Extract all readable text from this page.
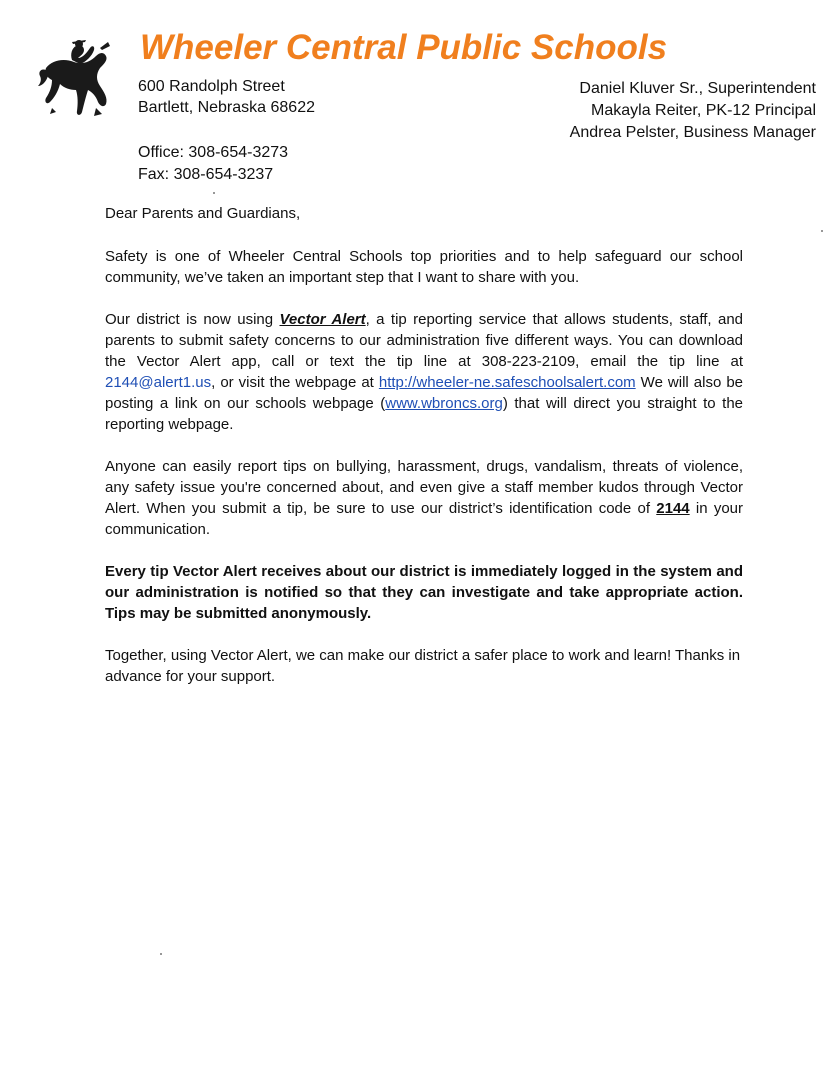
Wheeler Central Public Schools
600 Randolph Street
Bartlett, Nebraska 68622
Office: 308-654-3273
Fax: 308-654-3237
Daniel Kluver Sr., Superintendent
Makayla Reiter, PK-12 Principal
Andrea Pelster, Business Manager

Dear Parents and Guardians,

Safety is one of Wheeler Central Schools top priorities and to help safeguard our school community, we’ve taken an important step that I want to share with you.

Our district is now using Vector Alert, a tip reporting service that allows students, staff, and parents to submit safety concerns to our administration five different ways. You can download the Vector Alert app, call or text the tip line at 308-223-2109, email the tip line at 2144@alert1.us, or visit the webpage at http://wheeler-ne.safeschoolsalert.com We will also be posting a link on our schools webpage (www.wbroncs.org) that will direct you straight to the reporting webpage.

Anyone can easily report tips on bullying, harassment, drugs, vandalism, threats of violence, any safety issue you're concerned about, and even give a staff member kudos through Vector Alert. When you submit a tip, be sure to use our district’s identification code of 2144 in your communication.

Every tip Vector Alert receives about our district is immediately logged in the system and our administration is notified so that they can investigate and take appropriate action. Tips may be submitted anonymously.

Together, using Vector Alert, we can make our district a safer place to work and learn! Thanks in advance for your support.
